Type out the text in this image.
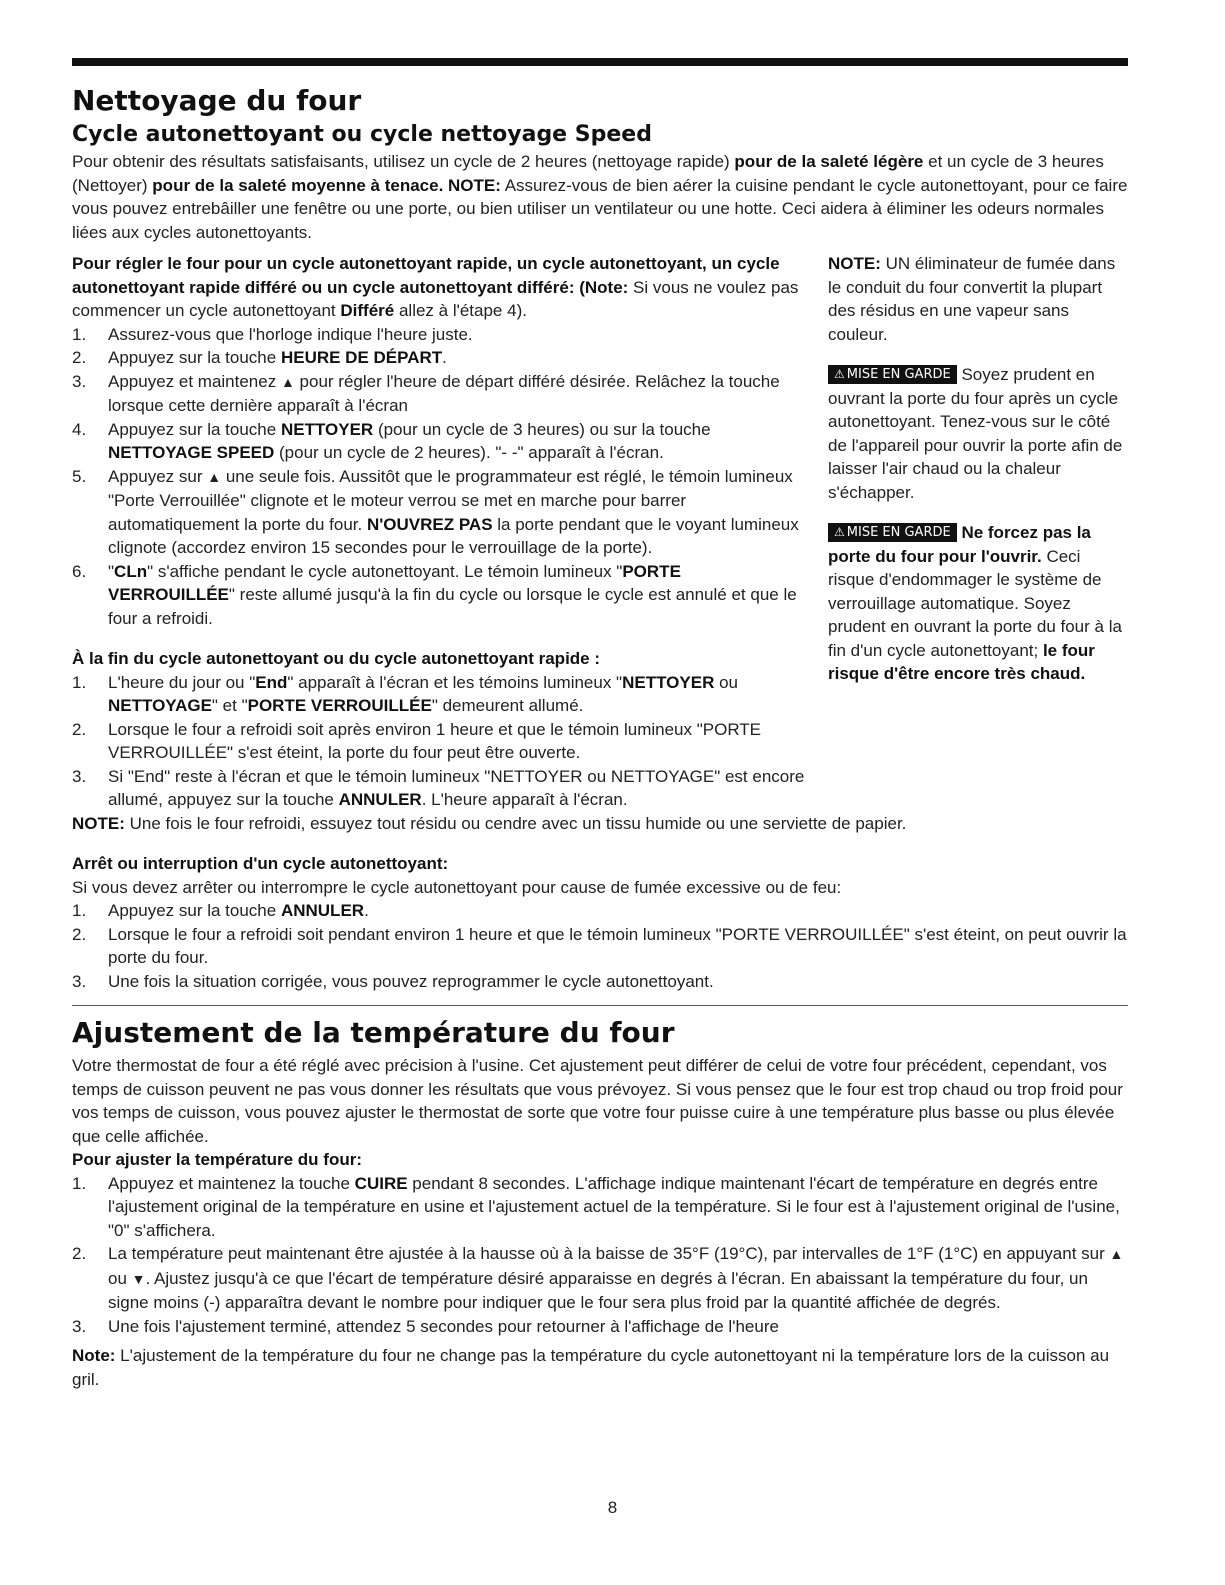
Nettoyage du four
Cycle autonettoyant ou cycle nettoyage Speed

Pour obtenir des résultats satisfaisants, utilisez un cycle de 2 heures (nettoyage rapide) pour de la saleté légère et un cycle de 3 heures (Nettoyer) pour de la saleté moyenne à tenace. NOTE: Assurez-vous de bien aérer la cuisine pendant le cycle autonettoyant, pour ce faire vous pouvez entrebâiller une fenêtre ou une porte, ou bien utiliser un ventilateur ou une hotte. Ceci aidera à éliminer les odeurs normales liées aux cycles autonettoyants.

Pour régler le four pour un cycle autonettoyant rapide, un cycle autonettoyant, un cycle autonettoyant rapide différé ou un cycle autonettoyant différé: (Note: Si vous ne voulez pas commencer un cycle autonettoyant Différé allez à l'étape 4).

1. Assurez-vous que l'horloge indique l'heure juste.
2. Appuyez sur la touche HEURE DE DÉPART.
3. Appuyez et maintenez ▲ pour régler l'heure de départ différé désirée. Relâchez la touche lorsque cette dernière apparaît à l'écran
4. Appuyez sur la touche NETTOYER (pour un cycle de 3 heures) ou sur la touche NETTOYAGE SPEED (pour un cycle de 2 heures). "- -" apparaît à l'écran.
5. Appuyez sur ▲ une seule fois. Aussitôt que le programmateur est réglé, le témoin lumineux "Porte Verrouillée" clignote et le moteur verrou se met en marche pour barrer automatiquement la porte du four. N'OUVREZ PAS la porte pendant que le voyant lumineux clignote (accordez environ 15 secondes pour le verrouillage de la porte).
6. "CLn" s'affiche pendant le cycle autonettoyant. Le témoin lumineux "PORTE VERROUILLÉE" reste allumé jusqu'à la fin du cycle ou lorsque le cycle est annulé et que le four a refroidi.
À la fin du cycle autonettoyant ou du cycle autonettoyant rapide :
1. L'heure du jour ou "End" apparaît à l'écran et les témoins lumineux "NETTOYER ou NETTOYAGE" et "PORTE VERROUILLÉE" demeurent allumé.
2. Lorsque le four a refroidi soit après environ 1 heure et que le témoin lumineux "PORTE VERROUILLÉE" s'est éteint, la porte du four peut être ouverte.
3. Si "End" reste à l'écran et que le témoin lumineux "NETTOYER ou NETTOYAGE" est encore allumé, appuyez sur la touche ANNULER. L'heure apparaît à l'écran.

NOTE: UN éliminateur de fumée dans le conduit du four convertit la plupart des résidus en une vapeur sans couleur.

⚠ MISE EN GARDE Soyez prudent en ouvrant la porte du four après un cycle autonettoyant. Tenez-vous sur le côté de l'appareil pour ouvrir la porte afin de laisser l'air chaud ou la chaleur s'échapper.

⚠ MISE EN GARDE Ne forcez pas la porte du four pour l'ouvrir. Ceci risque d'endommager le système de verrouillage automatique. Soyez prudent en ouvrant la porte du four à la fin d'un cycle autonettoyant; le four risque d'être encore très chaud.

NOTE: Une fois le four refroidi, essuyez tout résidu ou cendre avec un tissu humide ou une serviette de papier.

Arrêt ou interruption d'un cycle autonettoyant:

Si vous devez arrêter ou interrompre le cycle autonettoyant pour cause de fumée excessive ou de feu:

1. Appuyez sur la touche ANNULER.
2. Lorsque le four a refroidi soit pendant environ 1 heure et que le témoin lumineux "PORTE VERROUILLÉE" s'est éteint, on peut ouvrir la porte du four.
3. Une fois la situation corrigée, vous pouvez reprogrammer le cycle autonettoyant.
Ajustement de la température du four

Votre thermostat de four a été réglé avec précision à l'usine. Cet ajustement peut différer de celui de votre four précédent, cependant, vos temps de cuisson peuvent ne pas vous donner les résultats que vous prévoyez. Si vous pensez que le four est trop chaud ou trop froid pour vos temps de cuisson, vous pouvez ajuster le thermostat de sorte que votre four puisse cuire à une température plus basse ou plus élevée que celle affichée.

Pour ajuster la température du four:
1. Appuyez et maintenez la touche CUIRE pendant 8 secondes. L'affichage indique maintenant l'écart de température en degrés entre l'ajustement original de la température en usine et l'ajustement actuel de la température. Si le four est à l'ajustement original de l'usine, "0" s'affichera.
2. La température peut maintenant être ajustée à la hausse où à la baisse de 35°F (19°C), par intervalles de 1°F (1°C) en appuyant sur ▲ ou ▼. Ajustez jusqu'à ce que l'écart de température désiré apparaisse en degrés à l'écran. En abaissant la température du four, un signe moins (-) apparaîtra devant le nombre pour indiquer que le four sera plus froid par la quantité affichée de degrés.
3. Une fois l'ajustement terminé, attendez 5 secondes pour retourner à l'affichage de l'heure

Note: L'ajustement de la température du four ne change pas la température du cycle autonettoyant ni la température lors de la cuisson au gril.

8
